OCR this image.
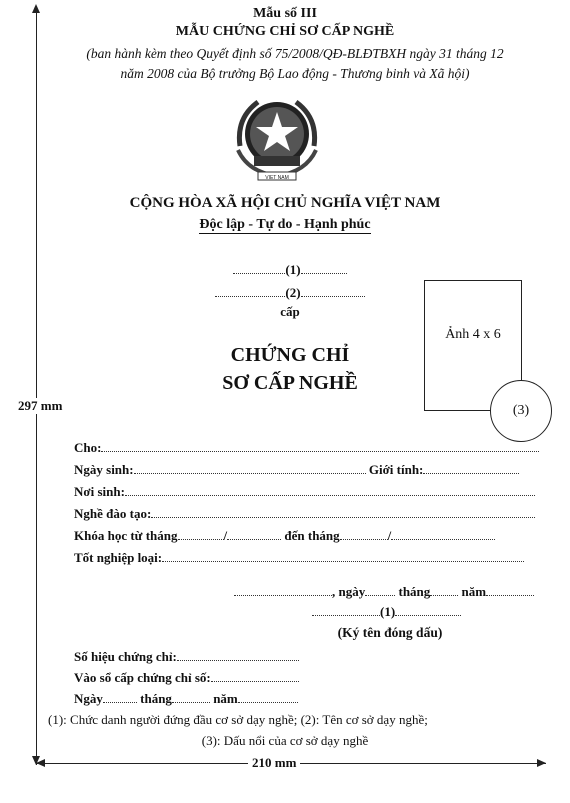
297 mm
210 mm
Mẫu số III
MẪU CHỨNG CHỈ SƠ CẤP NGHỀ
(ban hành kèm theo Quyết định số 75/2008/QĐ-BLĐTBXH ngày 31 tháng 12
năm 2008 của Bộ trưởng Bộ Lao động - Thương binh và Xã hội)
VIET NAM
CỘNG HÒA XÃ HỘI CHỦ NGHĨA VIỆT NAM
Độc lập - Tự do - Hạnh phúc
(1)
(2)
cấp
CHỨNG CHỈ
SƠ CẤP NGHỀ
Ảnh 4 x 6
(3)
Cho:
Ngày sinh:	Giới tính:
Nơi sinh:
Nghề đào tạo:
Khóa học từ tháng	/	đến tháng	/
Tốt nghiệp loại:
, ngày	tháng năm
(1)
(Ký tên đóng dấu)
Số hiệu chứng chỉ:
Vào sổ cấp chứng chỉ số:
Ngày	tháng	năm
(1): Chức danh người đứng đầu cơ sở dạy nghề; (2): Tên cơ sở dạy nghề;
(3): Dấu nổi của cơ sở dạy nghề
